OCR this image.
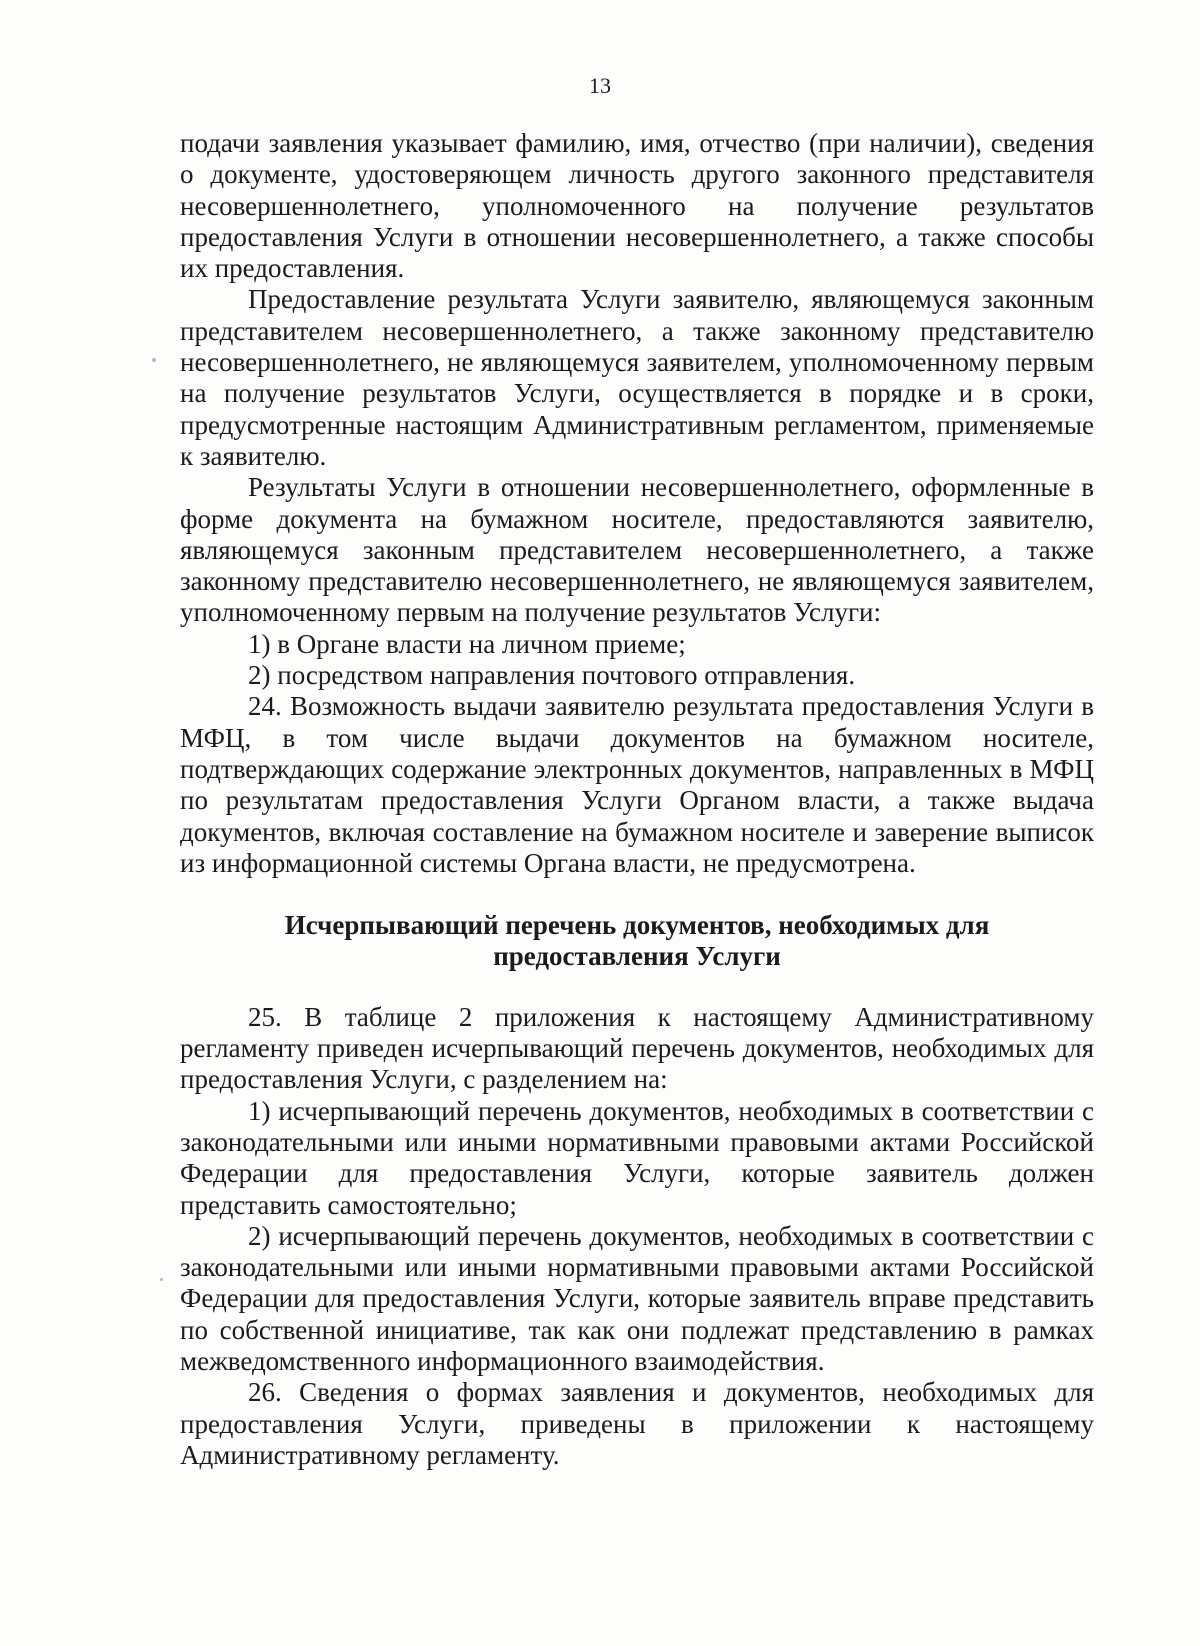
13

подачи заявления указывает фамилию, имя, отчество (при наличии), сведения о документе, удостоверяющем личность другого законного представителя несовершеннолетнего, уполномоченного на получение результатов предоставления Услуги в отношении несовершеннолетнего, а также способы их предоставления.

Предоставление результата Услуги заявителю, являющемуся законным представителем несовершеннолетнего, а также законному представителю несовершеннолетнего, не являющемуся заявителем, уполномоченному первым на получение результатов Услуги, осуществляется в порядке и в сроки, предусмотренные настоящим Административным регламентом, применяемые к заявителю.

Результаты Услуги в отношении несовершеннолетнего, оформленные в форме документа на бумажном носителе, предоставляются заявителю, являющемуся законным представителем несовершеннолетнего, а также законному представителю несовершеннолетнего, не являющемуся заявителем, уполномоченному первым на получение результатов Услуги:

1) в Органе власти на личном приеме;

2) посредством направления почтового отправления.

24. Возможность выдачи заявителю результата предоставления Услуги в МФЦ, в том числе выдачи документов на бумажном носителе, подтверждающих содержание электронных документов, направленных в МФЦ по результатам предоставления Услуги Органом власти, а также выдача документов, включая составление на бумажном носителе и заверение выписок из информационной системы Органа власти, не предусмотрена.

Исчерпывающий перечень документов, необходимых для

предоставления Услуги

25. В таблице 2 приложения к настоящему Административному регламенту приведен исчерпывающий перечень документов, необходимых для предоставления Услуги, с разделением на:

1) исчерпывающий перечень документов, необходимых в соответствии с законодательными или иными нормативными правовыми актами Российской Федерации для предоставления Услуги, которые заявитель должен представить самостоятельно;

2) исчерпывающий перечень документов, необходимых в соответствии с законодательными или иными нормативными правовыми актами Российской Федерации для предоставления Услуги, которые заявитель вправе представить по собственной инициативе, так как они подлежат представлению в рамках межведомственного информационного взаимодействия.

26. Сведения о формах заявления и документов, необходимых для предоставления Услуги, приведены в приложении к настоящему Административному регламенту.
